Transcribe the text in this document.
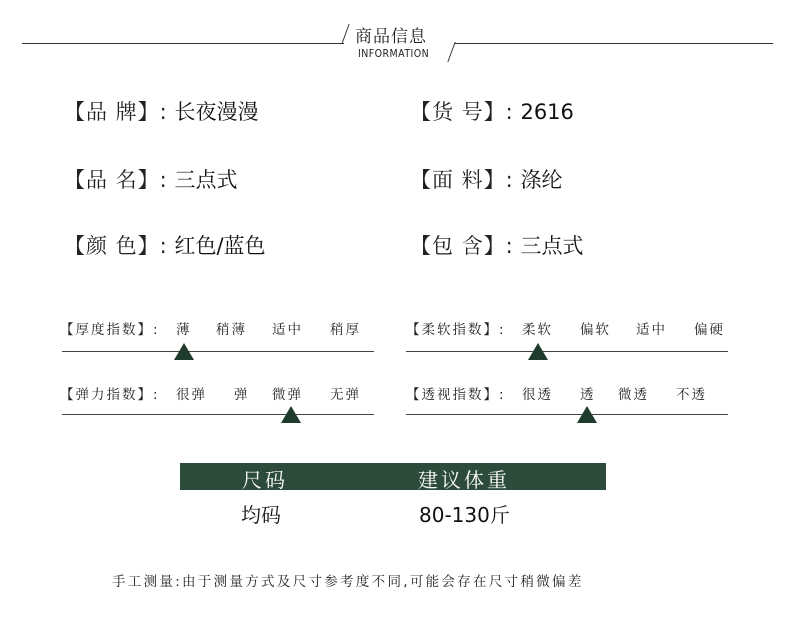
商品信息
INFORMATION
【品 牌】: 长夜漫漫	【货 号】: 2616
【品 名】: 三点式	【面 料】: 涤纶
【颜 色】: 红色/蓝色	【包 含】: 三点式
【厚度指数】: 薄 稍薄 适中 稍厚	【柔软指数】: 柔软 偏软 适中 偏硬
【弹力指数】: 很弹 弹 微弹 无弹	【透视指数】: 很透 透 微透 不透
尺码	建议体重
均码	80-130斤
手工测量:由于测量方式及尺寸参考度不同,可能会存在尺寸稍微偏差
